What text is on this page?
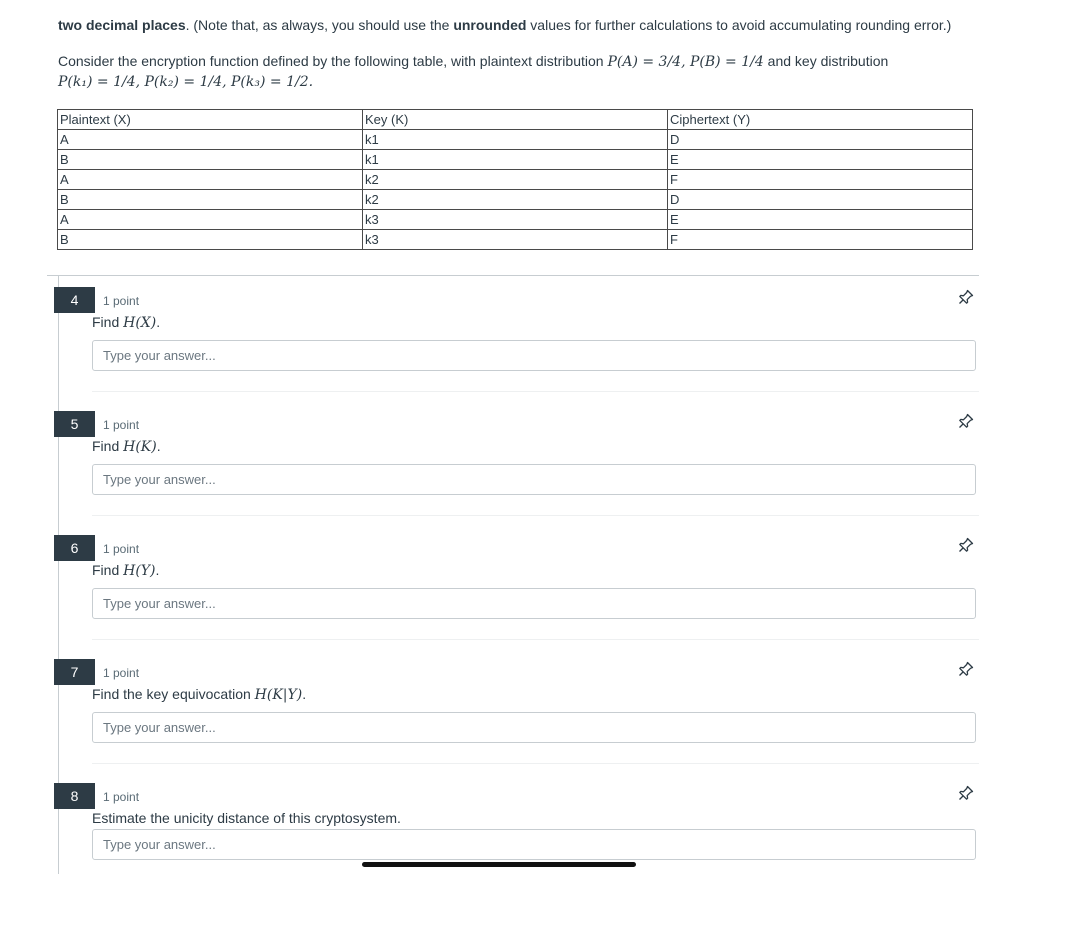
two decimal places. (Note that, as always, you should use the unrounded values for further calculations to avoid accumulating rounding error.)
Consider the encryption function defined by the following table, with plaintext distribution P(A) = 3/4, P(B) = 1/4 and key distribution
P(k₁) = 1/4, P(k₂) = 1/4, P(k₃) = 1/2.
Plaintext (X)	Key (K)	Ciphertext (Y)
A	k1	D
B	k1	E
A	k2	F
B	k2	D
A	k3	E
B	k3	F
4	1 point
Find H(X).
Type your answer...
5	1 point
Find H(K).
Type your answer...
6	1 point
Find H(Y).
Type your answer...
7	1 point
Find the key equivocation H(K|Y).
Type your answer...
8	1 point
Estimate the unicity distance of this cryptosystem.
Type your answer...
